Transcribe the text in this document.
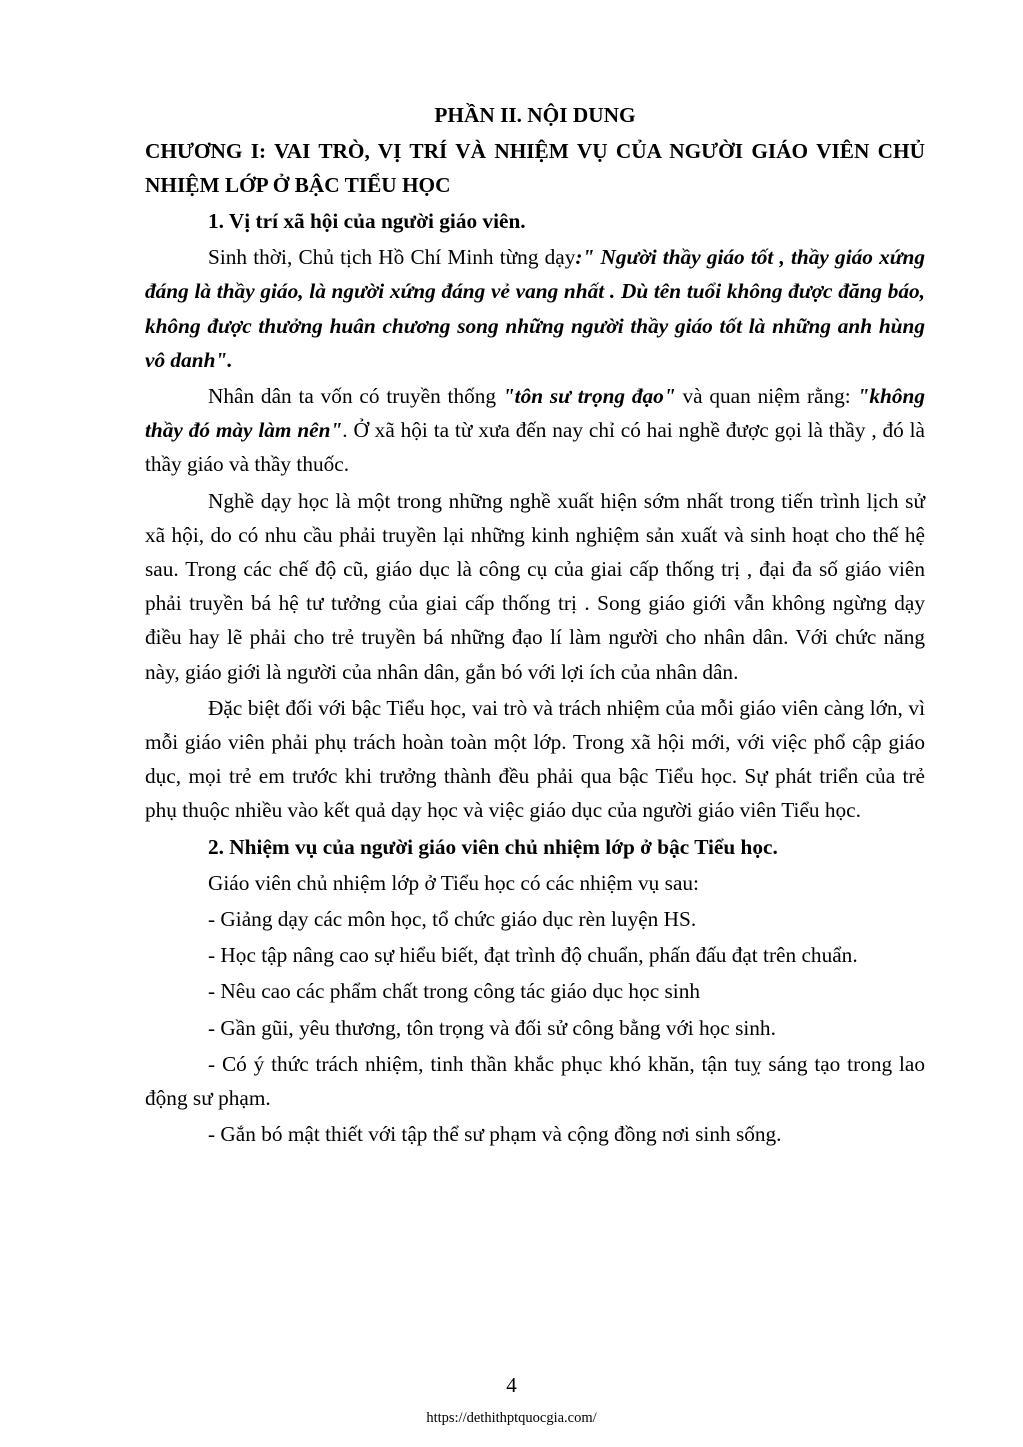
PHẦN II. NỘI DUNG
CHƯƠNG I: VAI TRÒ, VỊ TRÍ VÀ NHIỆM VỤ CỦA NGƯỜI GIÁO VIÊN CHỦ NHIỆM LỚP Ở BẬC TIỂU HỌC
1. Vị trí xã hội của người giáo viên.

Sinh thời, Chủ tịch Hồ Chí Minh từng dạy:" Người thầy giáo tốt , thầy giáo xứng đáng là thầy giáo, là người xứng đáng vẻ vang nhất . Dù tên tuổi không được đăng báo, không được thưởng huân chương song những người thầy giáo tốt là những anh hùng vô danh".

Nhân dân ta vốn có truyền thống "tôn sư trọng đạo" và quan niệm rằng: "không thầy đó mày làm nên". Ở xã hội ta từ xưa đến nay chỉ có hai nghề được gọi là thầy , đó là thầy giáo và thầy thuốc.

Nghề dạy học là một trong những nghề xuất hiện sớm nhất trong tiến trình lịch sử xã hội, do có nhu cầu phải truyền lại những kinh nghiệm sản xuất và sinh hoạt cho thế hệ sau. Trong các chế độ cũ, giáo dục là công cụ của giai cấp thống trị , đại đa số giáo viên phải truyền bá hệ tư tưởng của giai cấp thống trị . Song giáo giới vẫn không ngừng dạy điều hay lẽ phải cho trẻ truyền bá những đạo lí làm người cho nhân dân. Với chức năng này, giáo giới là người của nhân dân, gắn bó với lợi ích của nhân dân.

Đặc biệt đối với bậc Tiểu học, vai trò và trách nhiệm của mỗi giáo viên càng lớn, vì mỗi giáo viên phải phụ trách hoàn toàn một lớp. Trong xã hội mới, với việc phổ cập giáo dục, mọi trẻ em trước khi trưởng thành đều phải qua bậc Tiểu học. Sự phát triển của trẻ phụ thuộc nhiều vào kết quả dạy học và việc giáo dục của người giáo viên Tiểu học.

2. Nhiệm vụ của người giáo viên chủ nhiệm lớp ở bậc Tiểu học.

Giáo viên chủ nhiệm lớp ở Tiểu học có các nhiệm vụ sau:

- Giảng dạy các môn học, tổ chức giáo dục rèn luyện HS.

- Học tập nâng cao sự hiểu biết, đạt trình độ chuẩn, phấn đấu đạt trên chuẩn.

- Nêu cao các phẩm chất trong công tác giáo dục học sinh

- Gần gũi, yêu thương, tôn trọng và đối sử công bằng với học sinh.

- Có ý thức trách nhiệm, tinh thần khắc phục khó khăn, tận tuỵ sáng tạo trong lao động sư phạm.

- Gắn bó mật thiết với tập thể sư phạm và cộng đồng nơi sinh sống.

4
https://dethithptquocgia.com/
